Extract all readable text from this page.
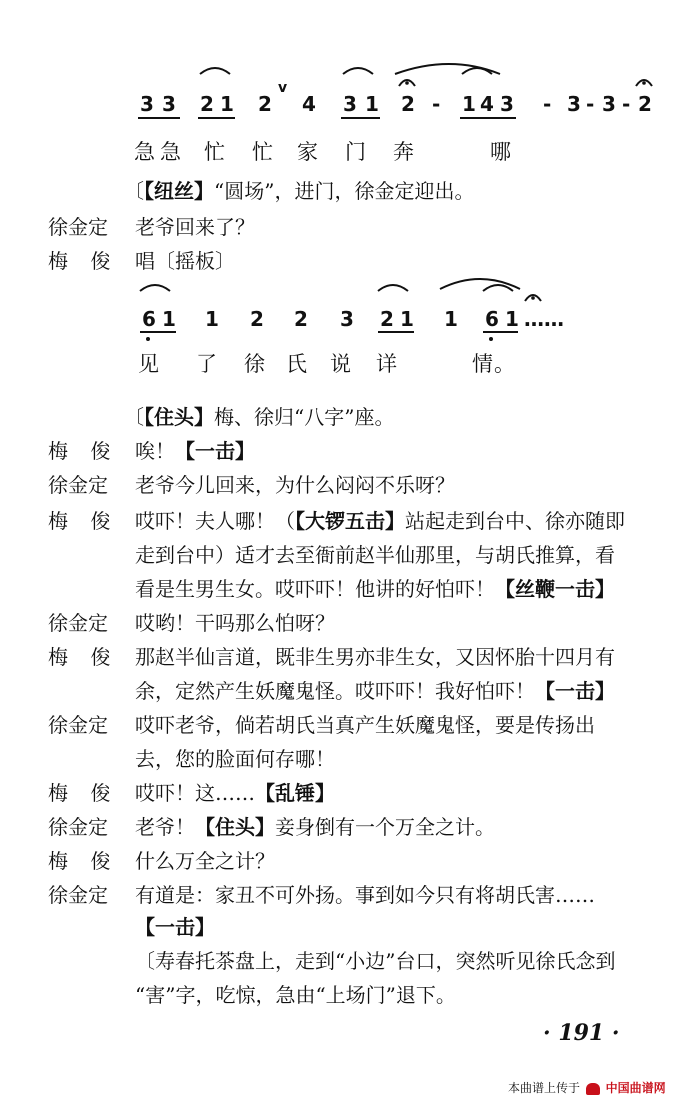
3 3 2 1 2
v
4 3 1 2 - 1 4 3 - 3 - 3 - 2
急 急 忙 忙 家 门 奔	哪
〔【纽丝】“圆场”，进门，徐金定迎出。
徐金定 老爷回来了？
梅 俊 唱〔摇板〕
6 1 1 2 2 3 2 1 1 6 1 ……
见 了 徐 氏 说 详	情。
〔【住头】梅、徐归“八字”座。
梅 俊 唉！【一击】
徐金定 老爷今儿回来，为什么闷闷不乐呀？
梅 俊 哎吓！夫人哪！（【大锣五击】站起走到台中、徐亦随即
走到台中）适才去至衙前赵半仙那里，与胡氏推算，看
看是生男生女。哎吓吓！他讲的好怕吓！【丝鞭一击】
徐金定 哎哟！干吗那么怕呀？
梅 俊 那赵半仙言道，既非生男亦非生女，又因怀胎十四月有
余，定然产生妖魔鬼怪。哎吓吓！我好怕吓！【一击】
徐金定 哎吓老爷，倘若胡氏当真产生妖魔鬼怪，要是传扬出
去，您的脸面何存哪！
梅 俊 哎吓！这……【乱锤】
徐金定 老爷！【住头】妾身倒有一个万全之计。
梅 俊 什么万全之计？
徐金定 有道是：家丑不可外扬。事到如今只有将胡氏害……
【一击】
〔寿春托茶盘上，走到“小边”台口，突然听见徐氏念到
“害”字，吃惊，急由“上场门”退下。
· 191 ·
本曲谱上传于 中国曲谱网
